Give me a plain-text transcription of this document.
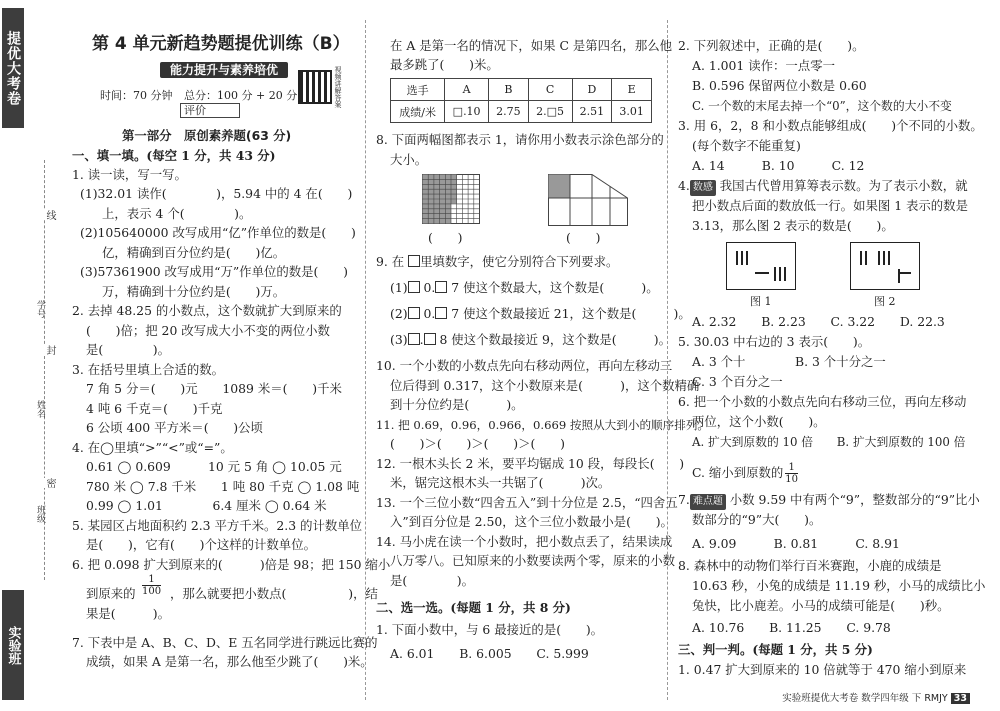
提优大考卷
线
封
密
学号
姓名
班级
实验班
第 4 单元新趋势题提优训练（B）
能力提升与素养培优
时间：70 分钟 总分：100 分 + 20 分
评价
视频讲解答案
第一部分　原创素养题(63 分)
一、填一填。(每空 1 分，共 43 分)
1. 读一读，写一写。
(1)32.01 读作(　　　　)，5.94 中的 4 在(　　)
上，表示 4 个(　　　　)。
(2)105640000 改写成用“亿”作单位的数是(　　)
亿，精确到百分位约是(　　)亿。
(3)57361900 改写成用“万”作单位的数是(　　)
万，精确到十分位约是(　　)万。
2. 去掉 48.25 的小数点，这个数就扩大到原来的
(　　)倍；把 20 改写成大小不变的两位小数
是(　　　　)。
3. 在括号里填上合适的数。
7 角 5 分＝(　　)元　　1089 米＝(　　)千米
4 吨 6 千克＝(　　)千克
6 公顷 400 平方米＝(　　)公顷
4. 在◯里填“>”“<”或“=”。
0.61 ◯ 0.609　　　10 元 5 角 ◯ 10.05 元
780 米 ◯ 7.8 千米　　1 吨 80 千克 ◯ 1.08 吨
0.99 ◯ 1.01　　　　6.4 厘米 ◯ 0.64 米
5. 某园区占地面积约 2.3 平方千米。2.3 的计数单位
是(　　)，它有(　　)个这样的计数单位。
6. 把 0.098 扩大到原来的(　　　)倍是 98；把 150 缩小
到原来的 $\frac{1}{100}$ ，那么就要把小数点(　　　　　)，结
果是(　　　)。
7. 下表中是 A、B、C、D、E 五名同学进行跳远比赛的
成绩，如果 A 是第一名，那么他至少跳了(　　)米。
在 A 是第一名的情况下，如果 C 是第四名，那么他
最多跳了(　　)米。
选手	A	B	C	D	E
成绩/米	□.10	2.75	2.□5	2.51	3.01
8. 下面两幅图都表示 1，请你用小数表示涂色部分的
大小。
(　　)	(　　)
9. 在 里填数字，使它分别符合下列要求。
(1) 0. 7 使这个数最大，这个数是(　　　)。
(2) 0. 7 使这个数最接近 21，这个数是(　　　)。
(3) . 8 使这个数最接近 9，这个数是(　　　)。
10. 一个小数的小数点先向右移动两位，再向左移动三
位后得到 0.317，这个小数原来是(　　　)，这个数精确
到十分位约是(　　　)。
11. 把 0.69，0.96，0.966，0.669 按照从大到小的顺序排列。
(　　)＞(　　)＞(　　)＞(　　)
12. 一根木头长 2 米，要平均锯成 10 段，每段长(　　)
米，锯完这根木头一共锯了(　　　)次。
13. 一个三位小数“四舍五入”到十分位是 2.5，“四舍五
入”到百分位是 2.50，这个三位小数最小是(　　)。
14. 马小虎在读一个小数时，把小数点丢了，结果读成
八万零八。已知原来的小数要读两个零，原来的小数
是(　　　　)。
二、选一选。(每题 1 分，共 8 分)
1. 下面小数中，与 6 最接近的是(　　)。
A. 6.01　　B. 6.005　　C. 5.999
2. 下列叙述中，正确的是(　　)。
A. 1.001 读作：一点零一
B. 0.596 保留两位小数是 0.60
C. 一个数的末尾去掉一个“0”，这个数的大小不变
3. 用 6，2，8 和小数点能够组成(　　)个不同的小数。
(每个数字不能重复)
A. 14　　　B. 10　　　C. 12
4. 数感 我国古代曾用算筹表示数。为了表示小数，就
把小数点后面的数放低一行。如果图 1 表示的数是
3.13，那么图 2 表示的数是(　　)。
图 1	图 2
A. 2.32　　B. 2.23　　C. 3.22　　D. 22.3
5. 30.03 中右边的 3 表示(　　)。
A. 3 个十　　　　B. 3 个十分之一
C. 3 个百分之一
6. 把一个小数的小数点先向右移动三位，再向左移动
两位，这个小数(　　)。
A. 扩大到原数的 10 倍　　B. 扩大到原数的 100 倍
C. 缩小到原数的 $\frac{1}{10}$
7. 难点题 小数 9.59 中有两个“9”，整数部分的“9”比小
数部分的“9”大(　　)。
A. 9.09　　　B. 0.81　　　C. 8.91
8. 森林中的动物们举行百米赛跑，小鹿的成绩是
10.63 秒，小兔的成绩是 11.19 秒，小马的成绩比小
兔快，比小鹿差。小马的成绩可能是(　　)秒。
A. 10.76　　B. 11.25　　C. 9.78
三、判一判。(每题 1 分，共 5 分)
1. 0.47 扩大到原来的 10 倍就等于 470 缩小到原来
实验班提优大考卷 数学四年级 下 RMJY 33
